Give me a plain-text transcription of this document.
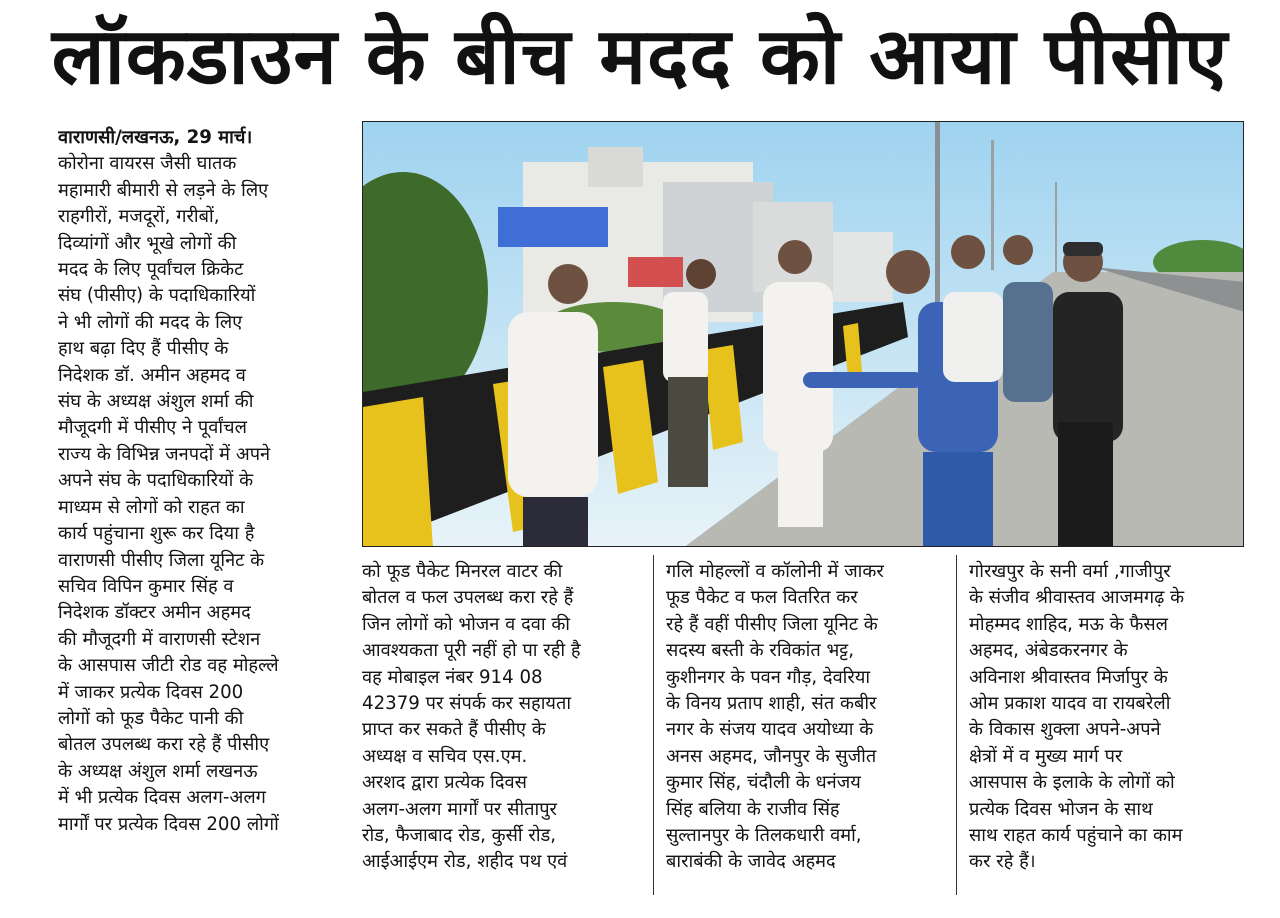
लॉकडाउन के बीच मदद को आया पीसीए
वाराणसी/लखनऊ, 29 मार्च।
कोरोना वायरस जैसी घातक
महामारी बीमारी से लड़ने के लिए
राहगीरों, मजदूरों, गरीबों,
दिव्यांगों और भूखे लोगों की
मदद के लिए पूर्वांचल क्रिकेट
संघ (पीसीए) के पदाधिकारियों
ने भी लोगों की मदद के लिए
हाथ बढ़ा दिए हैं पीसीए के
निदेशक डॉ. अमीन अहमद व
संघ के अध्यक्ष अंशुल शर्मा की
मौजूदगी में पीसीए ने पूर्वांचल
राज्य के विभिन्न जनपदों में अपने
अपने संघ के पदाधिकारियों के
माध्यम से लोगों को राहत का
कार्य पहुंचाना शुरू कर दिया है
वाराणसी पीसीए जिला यूनिट के
सचिव विपिन कुमार सिंह व
निदेशक डॉक्टर अमीन अहमद
की मौजूदगी में वाराणसी स्टेशन
के आसपास जीटी रोड वह मोहल्ले
में जाकर प्रत्येक दिवस 200
लोगों को फूड पैकेट पानी की
बोतल उपलब्ध करा रहे हैं पीसीए
के अध्यक्ष अंशुल शर्मा लखनऊ
में भी प्रत्येक दिवस अलग-अलग
मार्गों पर प्रत्येक दिवस 200 लोगों
को फूड पैकेट मिनरल वाटर की
बोतल व फल उपलब्ध करा रहे हैं
जिन लोगों को भोजन व दवा की
आवश्यकता पूरी नहीं हो पा रही है
वह मोबाइल नंबर 914 08
42379 पर संपर्क कर सहायता
प्राप्त कर सकते हैं पीसीए के
अध्यक्ष व सचिव एस.एम.
अरशद द्वारा प्रत्येक दिवस
अलग-अलग मार्गों पर सीतापुर
रोड, फैजाबाद रोड, कुर्सी रोड,
आईआईएम रोड, शहीद पथ एवं
गलि मोहल्लों व कॉलोनी में जाकर
फूड पैकेट व फल वितरित कर
रहे हैं वहीं पीसीए जिला यूनिट के
सदस्य बस्ती के रविकांत भट्ट,
कुशीनगर के पवन गौड़, देवरिया
के विनय प्रताप शाही, संत कबीर
नगर के संजय यादव अयोध्या के
अनस अहमद, जौनपुर के सुजीत
कुमार सिंह, चंदौली के धनंजय
सिंह बलिया के राजीव सिंह
सुल्तानपुर के तिलकधारी वर्मा,
बाराबंकी के जावेद अहमद
गोरखपुर के सनी वर्मा ,गाजीपुर
के संजीव श्रीवास्तव आजमगढ़ के
मोहम्मद शाहिद, मऊ के फैसल
अहमद, अंबेडकरनगर के
अविनाश श्रीवास्तव मिर्जापुर के
ओम प्रकाश यादव वा रायबरेली
के विकास शुक्ला अपने-अपने
क्षेत्रों में व मुख्य मार्ग पर
आसपास के इलाके के लोगों को
प्रत्येक दिवस भोजन के साथ
साथ राहत कार्य पहुंचाने का काम
कर रहे हैं।
